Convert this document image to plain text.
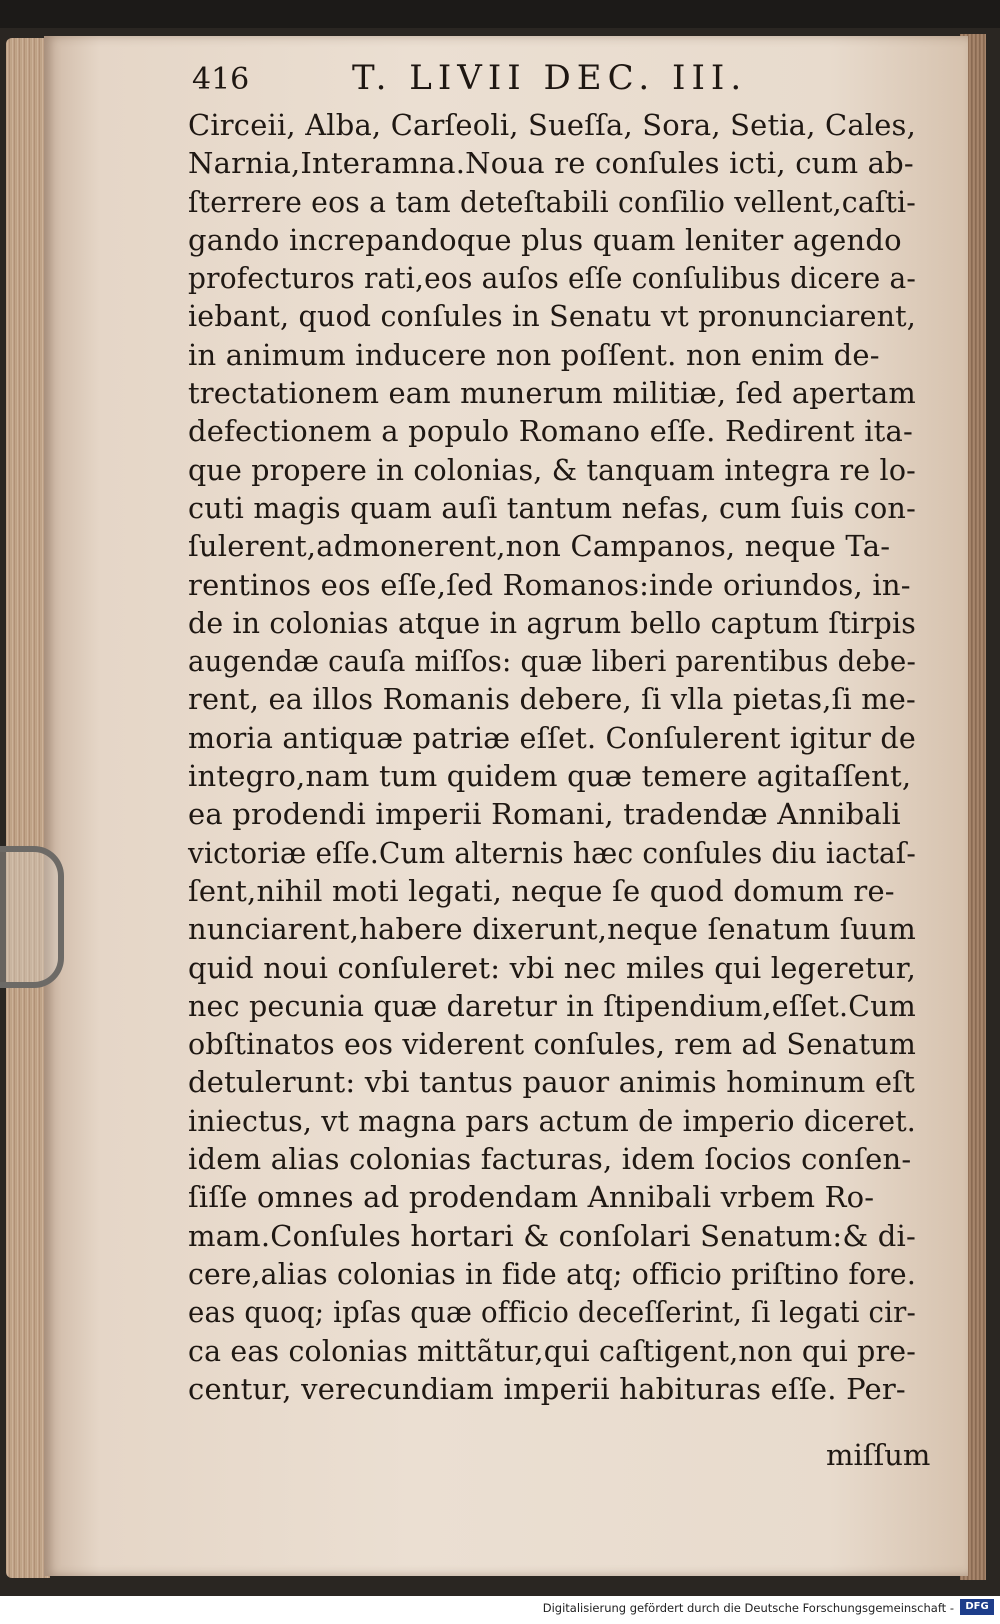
416	T. LIVII DEC. III.
Circeii, Alba, Carſeoli, Sueſſa, Sora, Setia, Cales,
Narnia,Interamna.Noua re conſules icti, cum ab-
ſterrere eos a tam deteſtabili conſilio vellent,caſti-
gando increpandoque plus quam leniter agendo
profecturos rati,eos auſos eſſe conſulibus dicere a-
iebant, quod conſules in Senatu vt pronunciarent,
in animum inducere non poſſent. non enim de-
trectationem eam munerum militiæ, ſed apertam
defectionem a populo Romano eſſe. Redirent ita-
que propere in colonias, & tanquam integra re lo-
cuti magis quam auſi tantum nefas, cum ſuis con-
ſulerent,admonerent,non Campanos, neque Ta-
rentinos eos eſſe,ſed Romanos:inde oriundos, in-
de in colonias atque in agrum bello captum ſtirpis
augendæ cauſa miſſos: quæ liberi parentibus debe-
rent, ea illos Romanis debere, ſi vlla pietas,ſi me-
moria antiquæ patriæ eſſet. Conſulerent igitur de
integro,nam tum quidem quæ temere agitaſſent,
ea prodendi imperii Romani, tradendæ Annibali
victoriæ eſſe.Cum alternis hæc conſules diu iactaſ-
ſent,nihil moti legati, neque ſe quod domum re-
nunciarent,habere dixerunt,neque ſenatum ſuum
quid noui conſuleret: vbi nec miles qui legeretur,
nec pecunia quæ daretur in ſtipendium,eſſet.Cum
obſtinatos eos viderent conſules, rem ad Senatum
detulerunt: vbi tantus pauor animis hominum eſt
iniectus, vt magna pars actum de imperio diceret.
idem alias colonias facturas, idem ſocios conſen-
ſiſſe omnes ad prodendam Annibali vrbem Ro-
mam.Conſules hortari & conſolari Senatum:& di-
cere,alias colonias in fide atq; officio priſtino fore.
eas quoq; ipſas quæ officio deceſſerint, ſi legati cir-
ca eas colonias mittãtur,qui caſtigent,non qui pre-
centur, verecundiam imperii habituras eſſe. Per-
miſſum
Digitalisierung gefördert durch die Deutsche Forschungsgemeinschaft -	DFG
